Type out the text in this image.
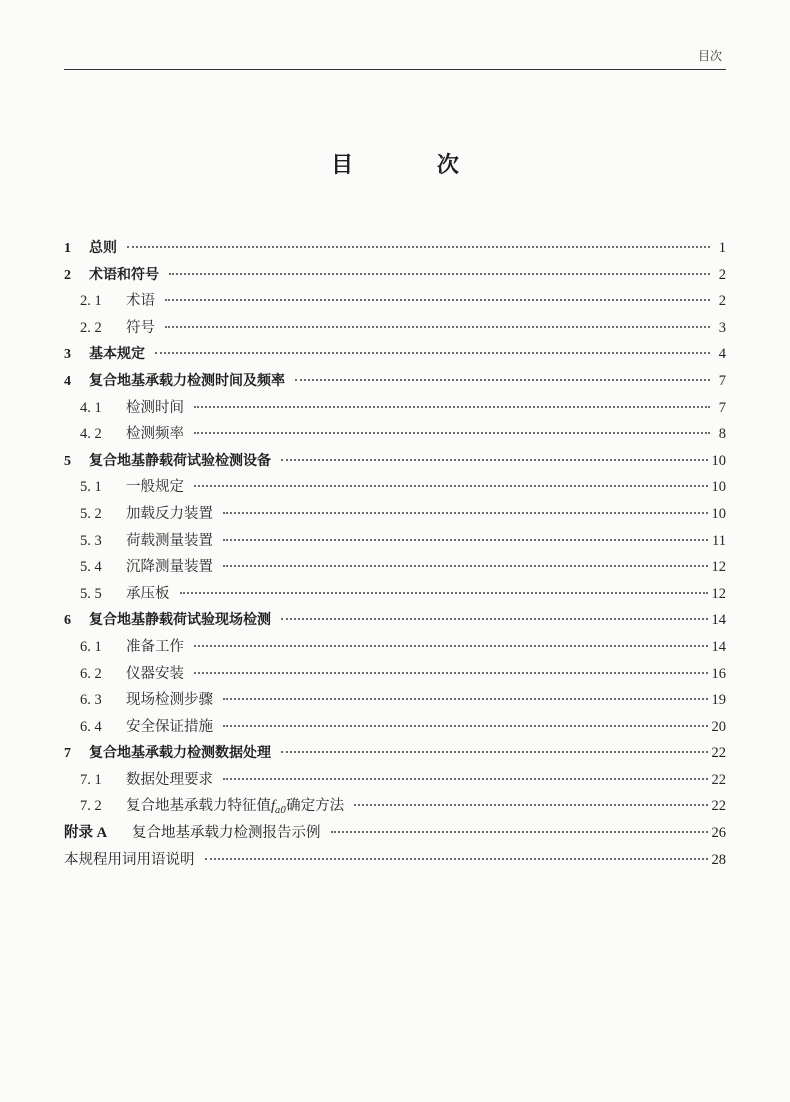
目次
目 次
1	总则	1
2	术语和符号	2
2. 1	术语	2
2. 2	符号	3
3	基本规定	4
4	复合地基承载力检测时间及频率	7
4. 1	检测时间	7
4. 2	检测频率	8
5	复合地基静载荷试验检测设备	10
5. 1	一般规定	10
5. 2	加载反力装置	10
5. 3	荷载测量装置	11
5. 4	沉降测量装置	12
5. 5	承压板	12
6	复合地基静载荷试验现场检测	14
6. 1	准备工作	14
6. 2	仪器安装	16
6. 3	现场检测步骤	19
6. 4	安全保证措施	20
7	复合地基承载力检测数据处理	22
7. 1	数据处理要求	22
7. 2	复合地基承载力特征值$f_{a0}$确定方法	22
附录 A	复合地基承载力检测报告示例	26
本规程用词用语说明	28
